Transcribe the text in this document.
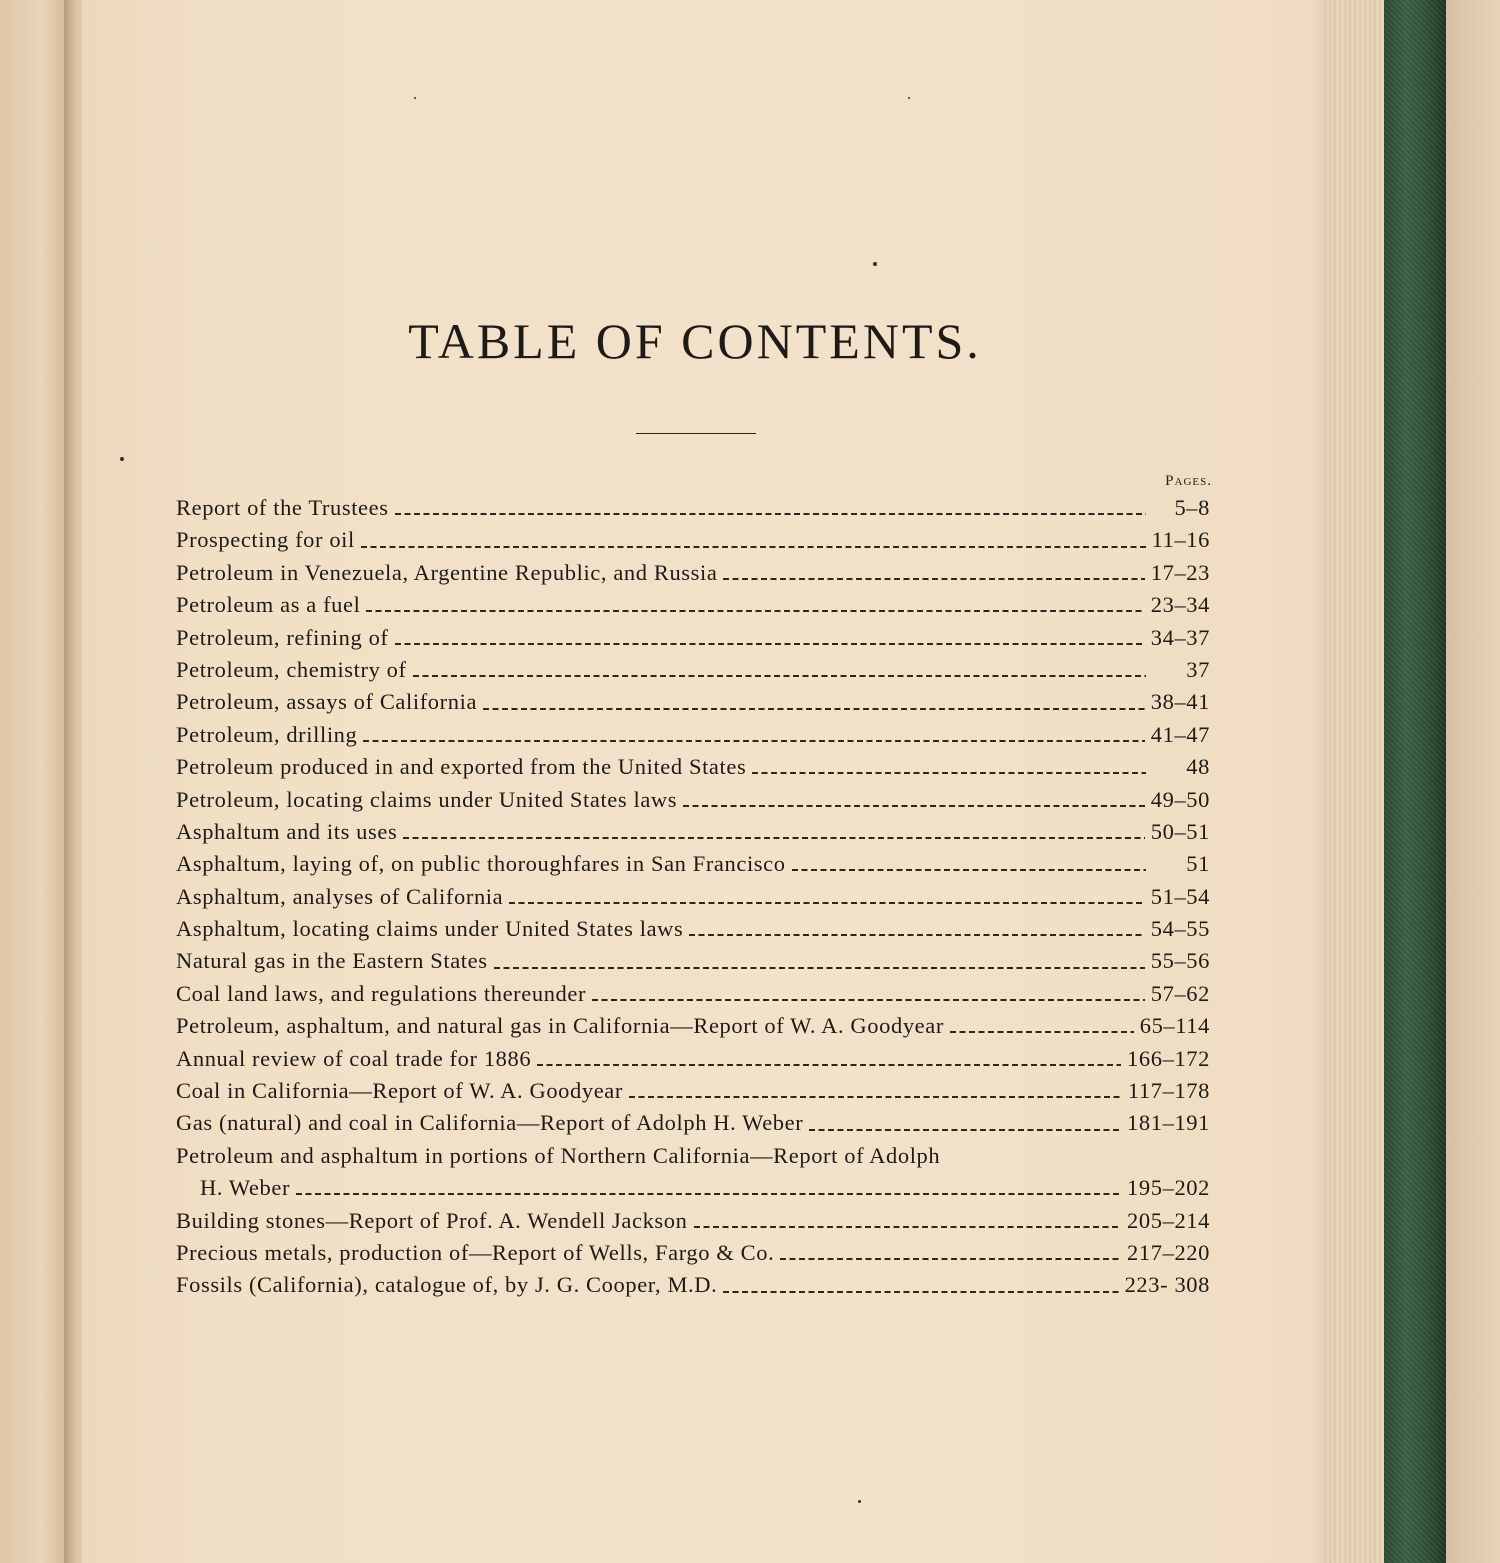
TABLE OF CONTENTS.
Pages.
Report of the Trustees	5–8
Prospecting for oil	11–16
Petroleum in Venezuela, Argentine Republic, and Russia	17–23
Petroleum as a fuel	23–34
Petroleum, refining of	34–37
Petroleum, chemistry of	37
Petroleum, assays of California	38–41
Petroleum, drilling	41–47
Petroleum produced in and exported from the United States	48
Petroleum, locating claims under United States laws	49–50
Asphaltum and its uses	50–51
Asphaltum, laying of, on public thoroughfares in San Francisco	51
Asphaltum, analyses of California	51–54
Asphaltum, locating claims under United States laws	54–55
Natural gas in the Eastern States	55–56
Coal land laws, and regulations thereunder	57–62
Petroleum, asphaltum, and natural gas in California—Report of W. A. Goodyear	65–114
Annual review of coal trade for 1886	166–172
Coal in California—Report of W. A. Goodyear	117–178
Gas (natural) and coal in California—Report of Adolph H. Weber	181–191
Petroleum and asphaltum in portions of Northern California—Report of Adolph
H. Weber	195–202
Building stones—Report of Prof. A. Wendell Jackson	205–214
Precious metals, production of—Report of Wells, Fargo & Co.	217–220
Fossils (California), catalogue of, by J. G. Cooper, M.D.	223- 308
